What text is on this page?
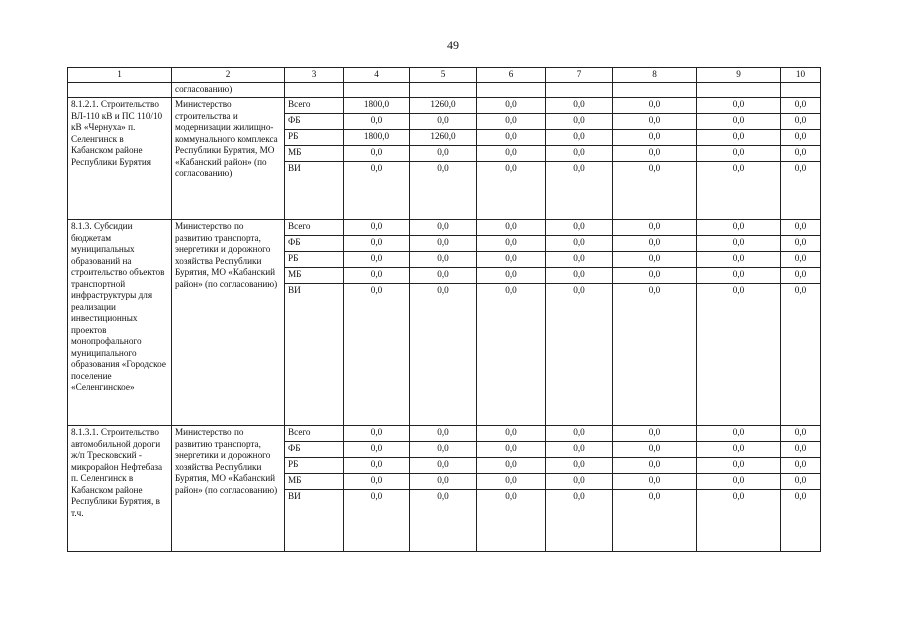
49
1	2	3	4	5	6	7	8	9	10
	согласованию)								
8.1.2.1. Строительство ВЛ-110 кВ и ПС 110/10 кВ «Чернуха» п. Селенгинск в Кабанском районе Республики Бурятия	Министерство строительства и модернизации жилищно-коммунального комплекса Республики Бурятия, МО «Кабанский район» (по согласованию)	Всего	1800,0	1260,0	0,0	0,0	0,0	0,0	0,0
		ФБ	0,0	0,0	0,0	0,0	0,0	0,0	0,0
		РБ	1800,0	1260,0	0,0	0,0	0,0	0,0	0,0
		МБ	0,0	0,0	0,0	0,0	0,0	0,0	0,0
		ВИ	0,0	0,0	0,0	0,0	0,0	0,0	0,0
8.1.3. Субсидии бюджетам муниципальных образований на строительство объектов транспортной инфраструктуры для реализации инвестиционных проектов монопрофального муниципального образования «Городское поселение «Селенгинское»	Министерство по развитию транспорта, энергетики и дорожного хозяйства Республики Бурятия, МО «Кабанский район» (по согласованию)	Всего	0,0	0,0	0,0	0,0	0,0	0,0	0,0
		ФБ	0,0	0,0	0,0	0,0	0,0	0,0	0,0
		РБ	0,0	0,0	0,0	0,0	0,0	0,0	0,0
		МБ	0,0	0,0	0,0	0,0	0,0	0,0	0,0
		ВИ	0,0	0,0	0,0	0,0	0,0	0,0	0,0
8.1.3.1. Строительство автомобильной дороги ж/п Тресковский - микрорайон Нефтебаза п. Селенгинск в Кабанском районе Республики Бурятия, в т.ч.	Министерство по развитию транспорта, энергетики и дорожного хозяйства Республики Бурятия, МО «Кабанский район» (по согласованию)	Всего	0,0	0,0	0,0	0,0	0,0	0,0	0,0
		ФБ	0,0	0,0	0,0	0,0	0,0	0,0	0,0
		РБ	0,0	0,0	0,0	0,0	0,0	0,0	0,0
		МБ	0,0	0,0	0,0	0,0	0,0	0,0	0,0
		ВИ	0,0	0,0	0,0	0,0	0,0	0,0	0,0
